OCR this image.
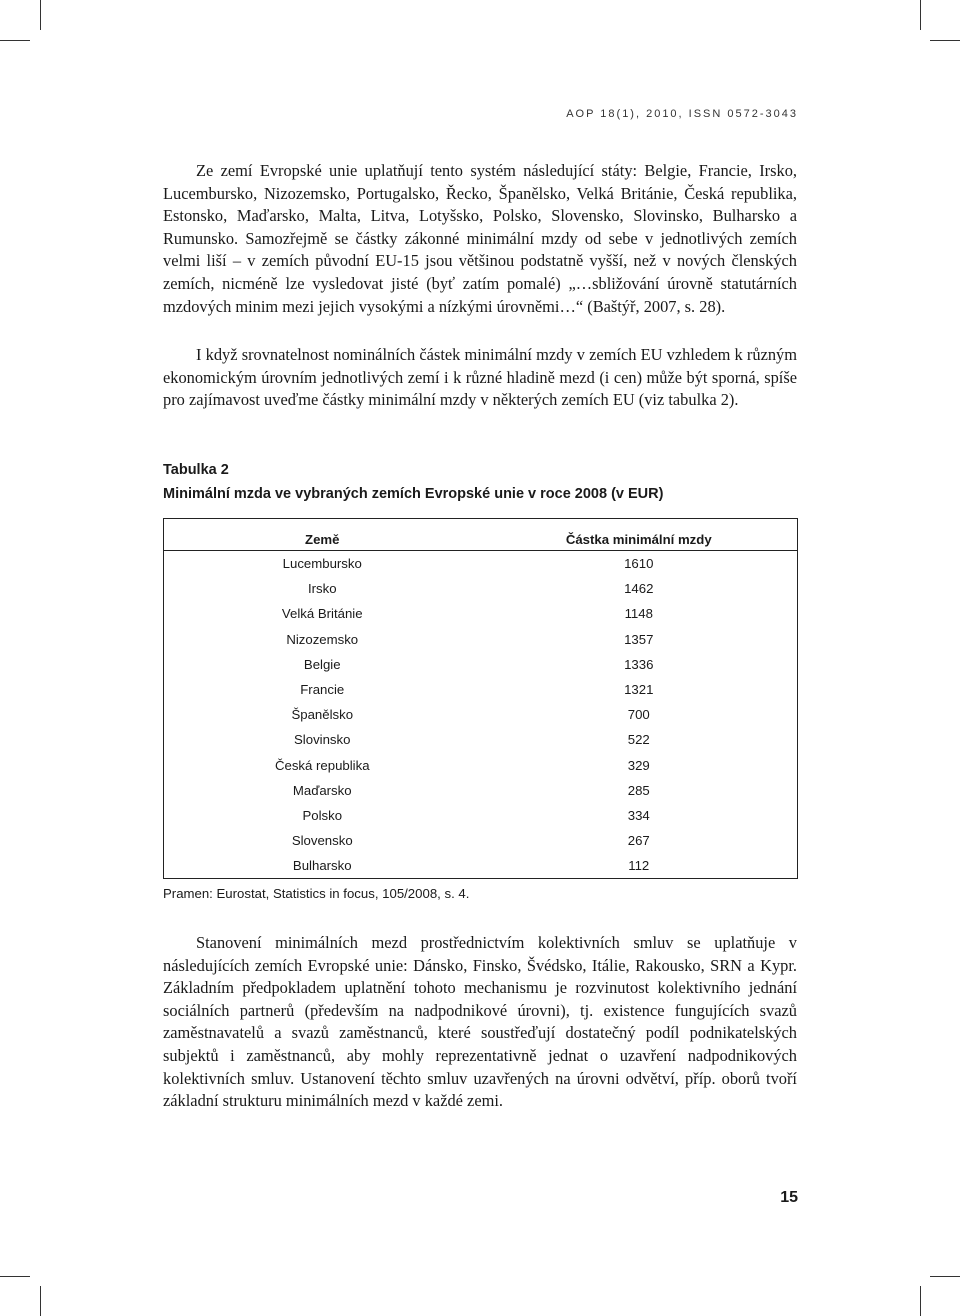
AOP 18(1), 2010, ISSN 0572-3043

Ze zemí Evropské unie uplatňují tento systém následující státy: Belgie, Francie, Irsko, Lucembursko, Nizozemsko, Portugalsko, Řecko, Španělsko, Velká Británie, Česká republika, Estonsko, Maďarsko, Malta, Litva, Lotyšsko, Polsko, Slovensko, Slovinsko, Bulharsko a Rumunsko. Samozřejmě se částky zákonné minimální mzdy od sebe v jednotlivých zemích velmi liší – v zemích původní EU-15 jsou většinou podstatně vyšší, než v nových členských zemích, nicméně lze vysledovat jisté (byť zatím pomalé) „…sbližování úrovně statutárních mzdových minim mezi jejich vysokými a nízkými úrovněmi…“ (Baštýř, 2007, s. 28).

I když srovnatelnost nominálních částek minimální mzdy v zemích EU vzhledem k různým ekonomickým úrovním jednotlivých zemí i k různé hladině mezd (i cen) může být sporná, spíše pro zajímavost uveďme částky minimální mzdy v některých zemích EU (viz tabulka 2).

Tabulka 2
Minimální mzda ve vybraných zemích Evropské unie v roce 2008 (v EUR)
Země	Částka minimální mzdy
Lucembursko	1610
Irsko	1462
Velká Británie	1148
Nizozemsko	1357
Belgie	1336
Francie	1321
Španělsko	700
Slovinsko	522
Česká republika	329
Maďarsko	285
Polsko	334
Slovensko	267
Bulharsko	112
Pramen: Eurostat, Statistics in focus, 105/2008, s. 4.

Stanovení minimálních mezd prostřednictvím kolektivních smluv se uplatňuje v následujících zemích Evropské unie: Dánsko, Finsko, Švédsko, Itálie, Rakousko, SRN a Kypr. Základním předpokladem uplatnění tohoto mechanismu je rozvinutost kolektivního jednání sociálních partnerů (především na nadpodnikové úrovni), tj. existence fungujících svazů zaměstnavatelů a svazů zaměstnanců, které soustřeďují dostatečný podíl podnikatelských subjektů i zaměstnanců, aby mohly reprezentativně jednat o uzavření nadpodnikových kolektivních smluv. Ustanovení těchto smluv uzavřených na úrovni odvětví, příp. oborů tvoří základní strukturu minimálních mezd v každé zemi.

15
